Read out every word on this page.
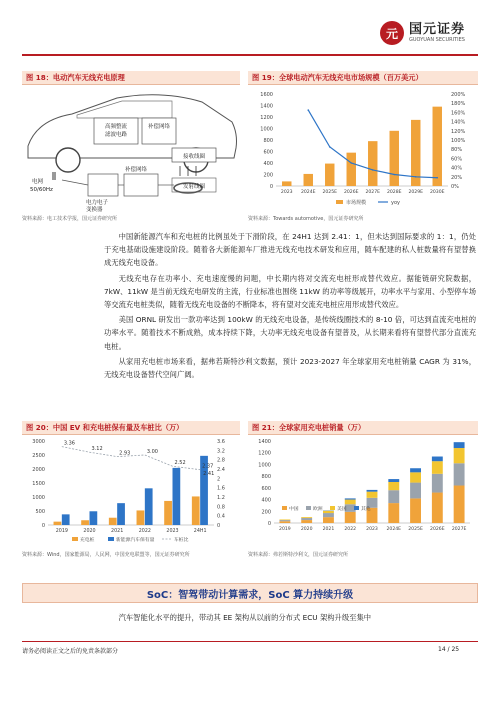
元 国元证券
GUOYUAN SECURITIES
图 18：电动汽车无线充电原理
高频整流
滤波电路
补偿网络
接收线圈
电网
50/60Hz
电力电子
变换器
补偿网络
发射线圈
资料来源：电工技术学报，国元证券研究所
图 19：全球电动汽车无线充电市场规模（百万美元）
0
200
400
600
800
1000
1200
1400
1600
0%
20%
40%
60%
80%
100%
120%
140%
160%
180%
200%
2023 2024E 2025E 2026E 2027E 2028E 2029E 2030E
市场规模	yoy
资料来源：Towards automotive，国元证券研究所

中国新能源汽车和充电桩的比例虽处于下滑阶段，在 24H1 达到 2.41：1，但未达到国际要求的 1：1，仍处于充电基础设施建设阶段。随着各大新能源车厂推进无线充电技术研发和应用，随车配建的私人桩数量将有望替换成无线充电设备。

无线充电存在功率小、充电速度慢的问题，中长期内将对交流充电桩形成替代效应。据能链研究院数据，7kW、11kW 是当前无线充电研发的主流，行业标准也围绕 11kW 的功率等级展开，功率水平与家用、小型停车场等交流充电桩类似，随着无线充电设备的不断降本，将有望对交流充电桩应用形成替代效应。

美国 ORNL 研发出一款功率达到 100kW 的无线充电设备，是传统线圈技术的 8-10 倍，可达到直流充电桩的功率水平。随着技术不断成熟，成本持续下降，大功率无线充电设备有望普及，从长期来看将有望替代部分直流充电桩。

从家用充电桩市场来看，据弗若斯特沙利文数据，预计 2023-2027 年全球家用充电桩销量 CAGR 为 31%，无线充电设备替代空间广阔。

图 20：中国 EV 和充电桩保有量及车桩比（万）
0
500
1000
1500
2000
2500
3000
0
0.4
0.8
1.2
1.6
2
2.4
2.8
3.2
3.6
2019	2020	2021	2022	2023	24H1
3.36
3.12
2.93	3.00
2.52
2.37
2.41
充电桩	新能源汽车保有量	车桩比
资料来源：Wind，国家能源局，人民网，中国充电联盟等，国元证券研究所
图 21：全球家用充电桩销量（万）
0
200
400
600
800
1000
1200
1400
2019 2020 2021 2022 2023 2024E 2025E 2026E 2027E
中国	欧洲	美国	其他
资料来源：弗若斯特沙利文，国元证券研究所
SoC：智驾带动计算需求，SoC 算力持续升级

汽车智能化水平的提升，带动其 EE 架构从以前的分布式 ECU 架构升级至集中

请务必阅读正文之后的免责条款部分	14 / 25
